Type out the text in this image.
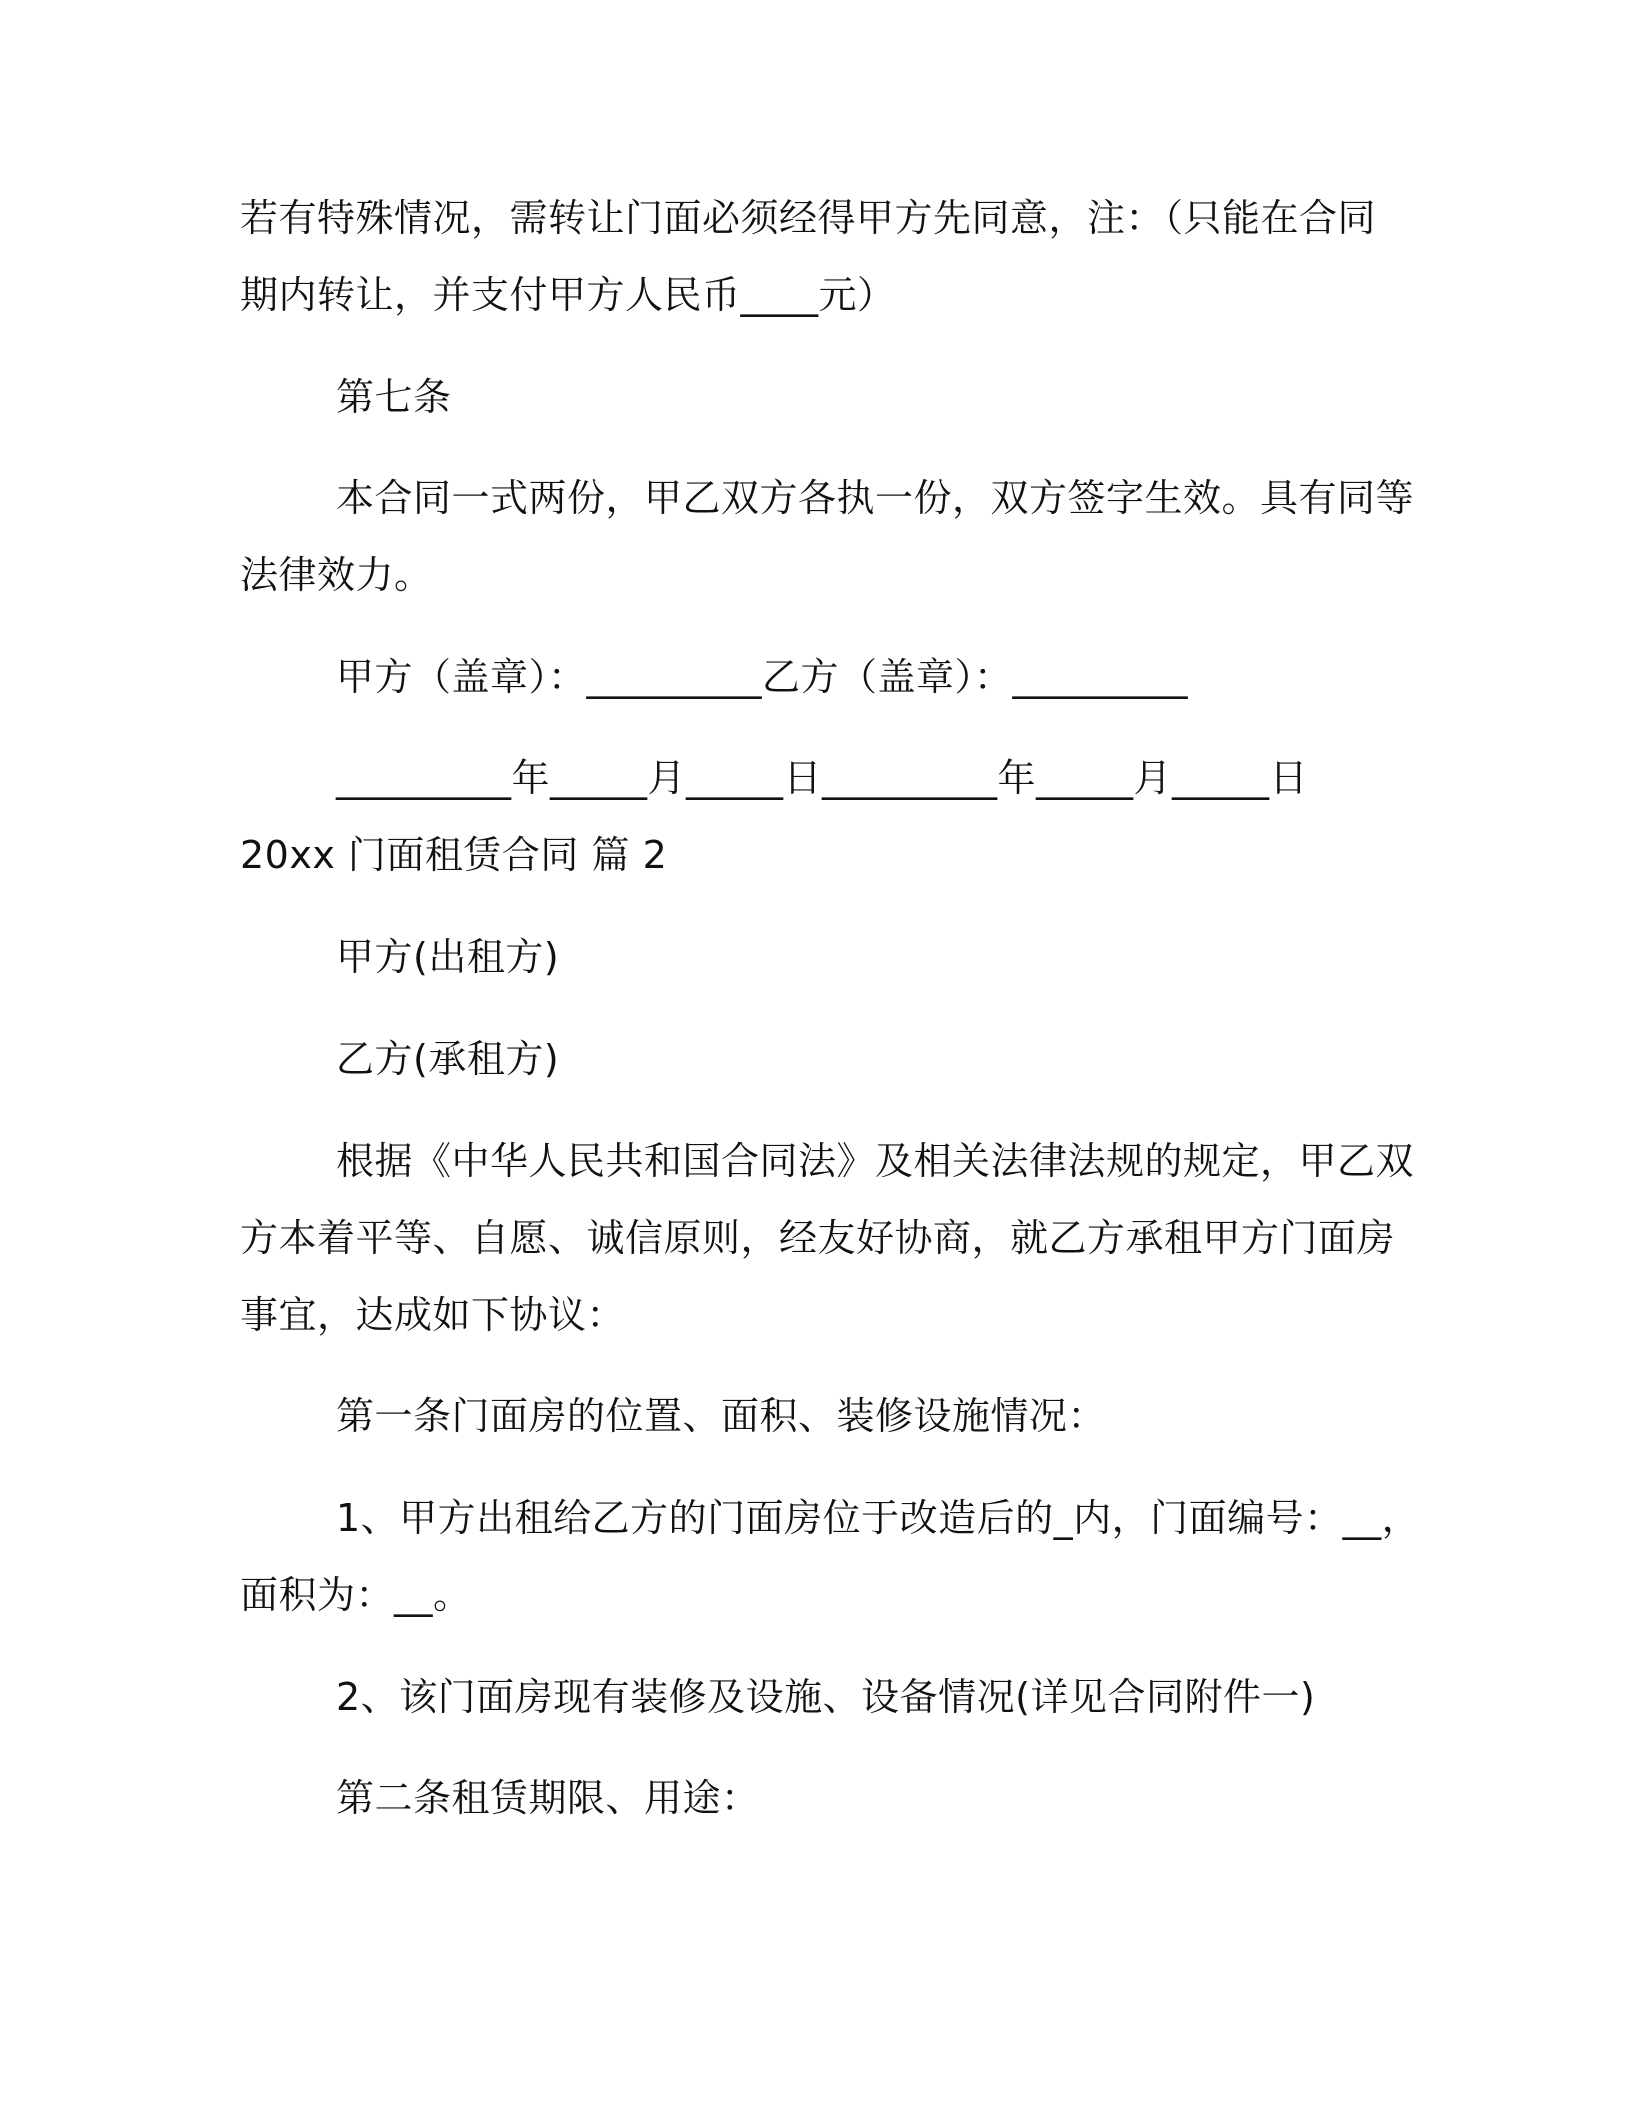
若有特殊情况，需转让门面必须经得甲方先同意，注：（只能在合同
期内转让，并支付甲方人民币____元）
第七条
本合同一式两份，甲乙双方各执一份，双方签字生效。具有同等
法律效力。
甲方（盖章）：_________乙方（盖章）：_________
_________年_____月_____日_________年_____月_____日
20xx 门面租赁合同 篇 2
甲方(出租方)
乙方(承租方)
根据《中华人民共和国合同法》及相关法律法规的规定，甲乙双
方本着平等、自愿、诚信原则，经友好协商，就乙方承租甲方门面房
事宜，达成如下协议：
第一条门面房的位置、面积、装修设施情况：
1、甲方出租给乙方的门面房位于改造后的_内，门面编号：__，
面积为：__。
2、该门面房现有装修及设施、设备情况(详见合同附件一)
第二条租赁期限、用途：
